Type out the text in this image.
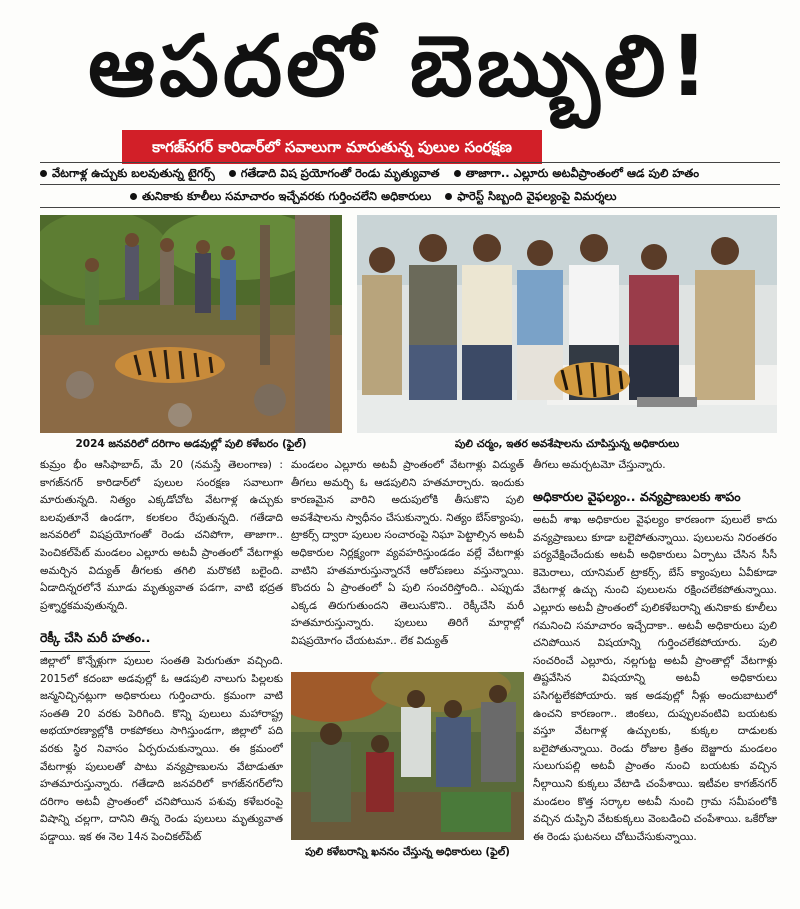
ఆపదలో బెబ్బులి!
కాగజ్‌నగర్ కారిడార్‌లో సవాలుగా మారుతున్న పులుల సంరక్షణ
వేటగాళ్ల ఉచ్చుకు బలవుతున్న టైగర్స్ గతేడాది విష ప్రయోగంతో రెండు మృత్యువాత తాజాగా.. ఎల్లూరు అటవీప్రాంతంలో ఆడ పులి హతం
తునికాకు కూలీలు సమాచారం ఇచ్చేవరకు గుర్తించలేని అధికారులు ఫారెస్ట్ సిబ్బంది వైఫల్యంపై విమర్శలు
2024 జనవరిలో దరిగాం అడవుల్లో పులి కళేబరం (ఫైల్)	పులి చర్మం, ఇతర అవశేషాలను చూపిస్తున్న అధికారులు

కుమ్రం భీం ఆసిఫాబాద్, మే 20 (నమస్తే తెలంగాణ) : కాగజ్‌నగర్ కారిడార్‌లో పులుల సంరక్షణ సవాలుగా మారుతున్నది. నిత్యం ఎక్కడోచోట వేటగాళ్ల ఉచ్చుకు బలవుతూనే ఉండగా, కలకలం రేపుతున్నది. గతేడాది జనవరిలో విషప్రయోగంతో రెండు చనిపోగా, తాజాగా.. పెంచికల్‌పేట్ మండలం ఎల్లూరు అటవీ ప్రాంతంలో వేటగాళ్లు అమర్చిన విద్యుత్ తీగలకు తగిలి మరొకటి బలైంది. ఏడాదిన్నరలోనే మూడు మృత్యువాత పడగా, వాటి భద్రత ప్రశ్నార్థకమవుతున్నది.

రెక్కీ చేసి మరీ హతం..

జిల్లాలో కొన్నేళ్లుగా పులుల సంతతి పెరుగుతూ వచ్చింది. 2015లో కదంబా అడవుల్లో ఓ ఆడపులి నాలుగు పిల్లలకు జన్మనిచ్చినట్లుగా అధికారులు గుర్తించారు. క్రమంగా వాటి సంతతి 20 వరకు పెరిగింది. కొన్ని పులులు మహారాష్ట్ర అభయారణ్యాల్లోకి రాకపోకలు సాగిస్తుండగా, జిల్లాలో పది వరకు స్థిర నివాసం ఏర్పరుచుకున్నాయి. ఈ క్రమంలో వేటగాళ్లు పులులతో పాటు వన్యప్రాణులను వేటాడుతూ హతమారుస్తున్నారు. గతేడాది జనవరిలో కాగజ్‌నగర్‌లోని దరిగాం అటవీ ప్రాంతంలో చనిపోయిన పశువు కళేబరంపై విషాన్ని చల్లగా, దానిని తిన్న రెండు పులులు మృత్యువాత పడ్డాయి. ఇక ఈ నెల 14న పెంచికల్‌పేట్

మండలం ఎల్లూరు అటవీ ప్రాంతంలో వేటగాళ్లు విద్యుత్ తీగలు అమర్చి ఓ ఆడపులిని హతమార్చారు. ఇందుకు కారణమైన వారిని అదుపులోకి తీసుకొని పులి అవశేషాలను స్వాధీనం చేసుకున్నారు. నిత్యం బేస్‌క్యాంపు, ట్రాకర్స్ ద్వారా పులుల సంచారంపై నిఘా పెట్టాల్సిన అటవీ అధికారుల నిర్లక్ష్యంగా వ్యవహరిస్తుండడం వల్లే వేటగాళ్లు వాటిని హతమారుస్తున్నారనే ఆరోపణలు వస్తున్నాయి. కొందరు ఏ ప్రాంతంలో ఏ పులి సంచరిస్తోంది.. ఎప్పుడు ఎక్కడ తిరుగుతుందని తెలుసుకొని.. రెక్కీచేసి మరీ హతమారుస్తున్నారు. పులులు తిరిగే మార్గాల్లో విషప్రయోగం చేయటమా.. లేక విద్యుత్

పులి కళేబరాన్ని ఖననం చేస్తున్న అధికారులు (ఫైల్)

తీగలు అమర్చటమో చేస్తున్నారు.

అధికారుల వైఫల్యం.. వన్యప్రాణులకు శాపం

అటవీ శాఖ అధికారుల వైఫల్యం కారణంగా పులులే కాదు వన్యప్రాణులు కూడా బలైపోతున్నాయి. పులులను నిరంతరం పర్యవేక్షించేందుకు అటవీ అధికారులు ఏర్పాటు చేసిన సీసీ కెమెరాలు, యానిమల్ ట్రాకర్స్, బేస్ క్యాంపులు ఏవీకూడా వేటగాళ్ల ఉచ్చు నుంచి పులులను రక్షించలేకపోతున్నాయి. ఎల్లూరు అటవీ ప్రాంతంలో పులికళేబరాన్ని తునికాకు కూలీలు గమనించి సమాచారం ఇచ్చేదాకా.. అటవీ అధికారులు పులి చనిపోయిన విషయాన్ని గుర్తించలేకపోయారు. పులి సంచరించే ఎల్లూరు, నల్లగుట్ట అటవీ ప్రాంతాల్లో వేటగాళ్లు తిష్టవేసిన విషయాన్ని అటవీ అధికారులు పసిగట్టలేకపోయారు. ఇక అడవుల్లో నీళ్లు అందుబాటులో ఉంచని కారణంగా.. జింకలు, దుప్పులవంటివి బయటకు వస్తూ వేటగాళ్ల ఉచ్చులకు, కుక్కల దాడులకు బలైపోతున్నాయి. రెండు రోజుల క్రితం బెజ్జూరు మండలం సులుగుపల్లి అటవీ ప్రాంతం నుంచి బయటకు వచ్చిన నీల్గాయిని కుక్కలు వేటాడి చంపేశాయి. ఇటీవల కాగజ్‌నగర్ మండలం కొత్త సర్కాల అటవీ నుంచి గ్రామ సమీపంలోకి వచ్చిన దుప్పిని వేటకుక్కలు వెంబడించి చంపేశాయి. ఒకేరోజు ఈ రెండు ఘటనలు చోటుచేసుకున్నాయి.
